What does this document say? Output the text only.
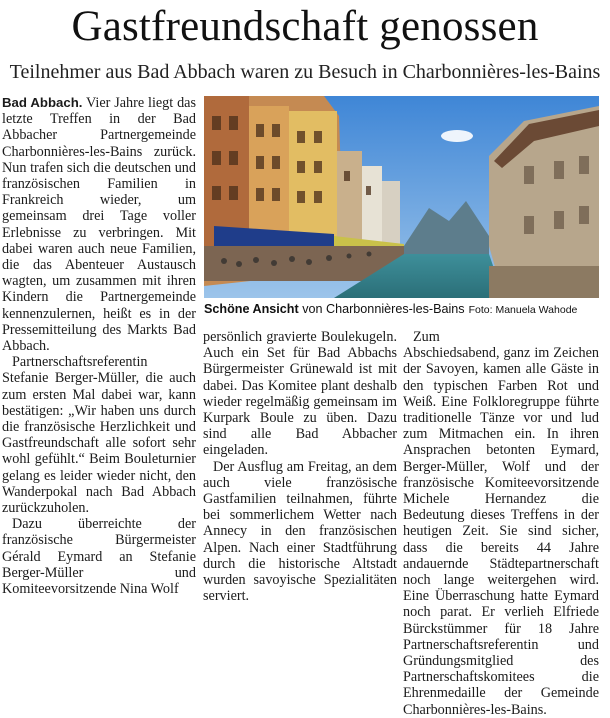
Gastfreundschaft genossen
Teilnehmer aus Bad Abbach waren zu Besuch in Charbonnières-les-Bains
Schöne Ansicht von Charbonnières-les-Bains Foto: Manuela Wahode

Bad Abbach. Vier Jahre liegt das letzte Treffen in der Bad Abbacher Partnergemeinde Charbonnières-les-Bains zurück. Nun trafen sich die deutschen und französischen Familien in Frankreich wieder, um gemeinsam drei Tage voller Erlebnisse zu verbringen. Mit dabei waren auch neue Familien, die das Abenteuer Austausch wagten, um zusammen mit ihren Kindern die Partnergemeinde kennenzulernen, heißt es in der Pressemitteilung des Markts Bad Abbach.

Partnerschaftsreferentin Stefanie Berger-Müller, die auch zum ersten Mal dabei war, kann bestätigen: „Wir haben uns durch die französische Herzlichkeit und Gastfreundschaft alle sofort sehr wohl gefühlt.“ Beim Bouleturnier gelang es leider wieder nicht, den Wanderpokal nach Bad Abbach zurückzuholen.

Dazu überreichte der französische Bürgermeister Gérald Eymard an Stefanie Berger-Müller und Komiteevorsitzende Nina Wolf

persönlich gravierte Boulekugeln. Auch ein Set für Bad Abbachs Bürgermeister Grünewald ist mit dabei. Das Komitee plant deshalb wieder regelmäßig gemeinsam im Kurpark Boule zu üben. Dazu sind alle Bad Abbacher eingeladen.

Der Ausflug am Freitag, an dem auch viele französische Gastfamilien teilnahmen, führte bei sommerlichem Wetter nach Annecy in den französischen Alpen. Nach einer Stadtführung durch die historische Altstadt wurden savoyische Spezialitäten serviert.

Zum

Abschiedsabend, ganz im Zeichen der Savoyen, kamen alle Gäste in den typischen Farben Rot und Weiß. Eine Folkloregruppe führte traditionelle Tänze vor und lud zum Mitmachen ein. In ihren Ansprachen betonten Eymard, Berger-Müller, Wolf und der französische Komiteevorsitzende Michele Hernandez die Bedeutung dieses Treffens in der heutigen Zeit. Sie sind sicher, dass die bereits 44 Jahre andauernde Städtepartnerschaft noch lange weitergehen wird. Eine Überraschung hatte Eymard noch parat. Er verlieh Elfriede Bürckstümmer für 18 Jahre Partnerschaftsreferentin und Gründungsmitglied des Partnerschaftskomitees die Ehrenmedaille der Gemeinde Charbonnières-les-Bains.
